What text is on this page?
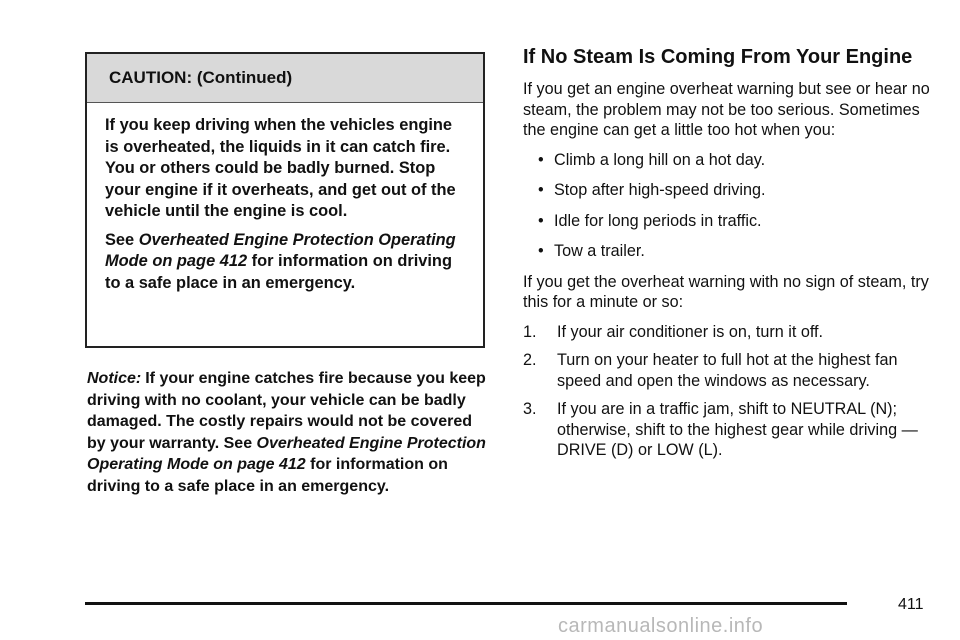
CAUTION: (Continued)

If you keep driving when the vehicles engine is overheated, the liquids in it can catch fire. You or others could be badly burned. Stop your engine if it overheats, and get out of the vehicle until the engine is cool.

See Overheated Engine Protection Operating Mode on page 412 for information on driving to a safe place in an emergency.

Notice: If your engine catches fire because you keep driving with no coolant, your vehicle can be badly damaged. The costly repairs would not be covered by your warranty. See Overheated Engine Protection Operating Mode on page 412 for information on driving to a safe place in an emergency.
If No Steam Is Coming From Your Engine

If you get an engine overheat warning but see or hear no steam, the problem may not be too serious. Sometimes the engine can get a little too hot when you:

• Climb a long hill on a hot day.
• Stop after high-speed driving.
• Idle for long periods in traffic.
• Tow a trailer.

If you get the overheat warning with no sign of steam, try this for a minute or so:

1.	If your air conditioner is on, turn it off.
2.	Turn on your heater to full hot at the highest fan speed and open the windows as necessary.
3.	If you are in a traffic jam, shift to NEUTRAL (N); otherwise, shift to the highest gear while driving — DRIVE (D) or LOW (L).
411
carmanualsonline.info
